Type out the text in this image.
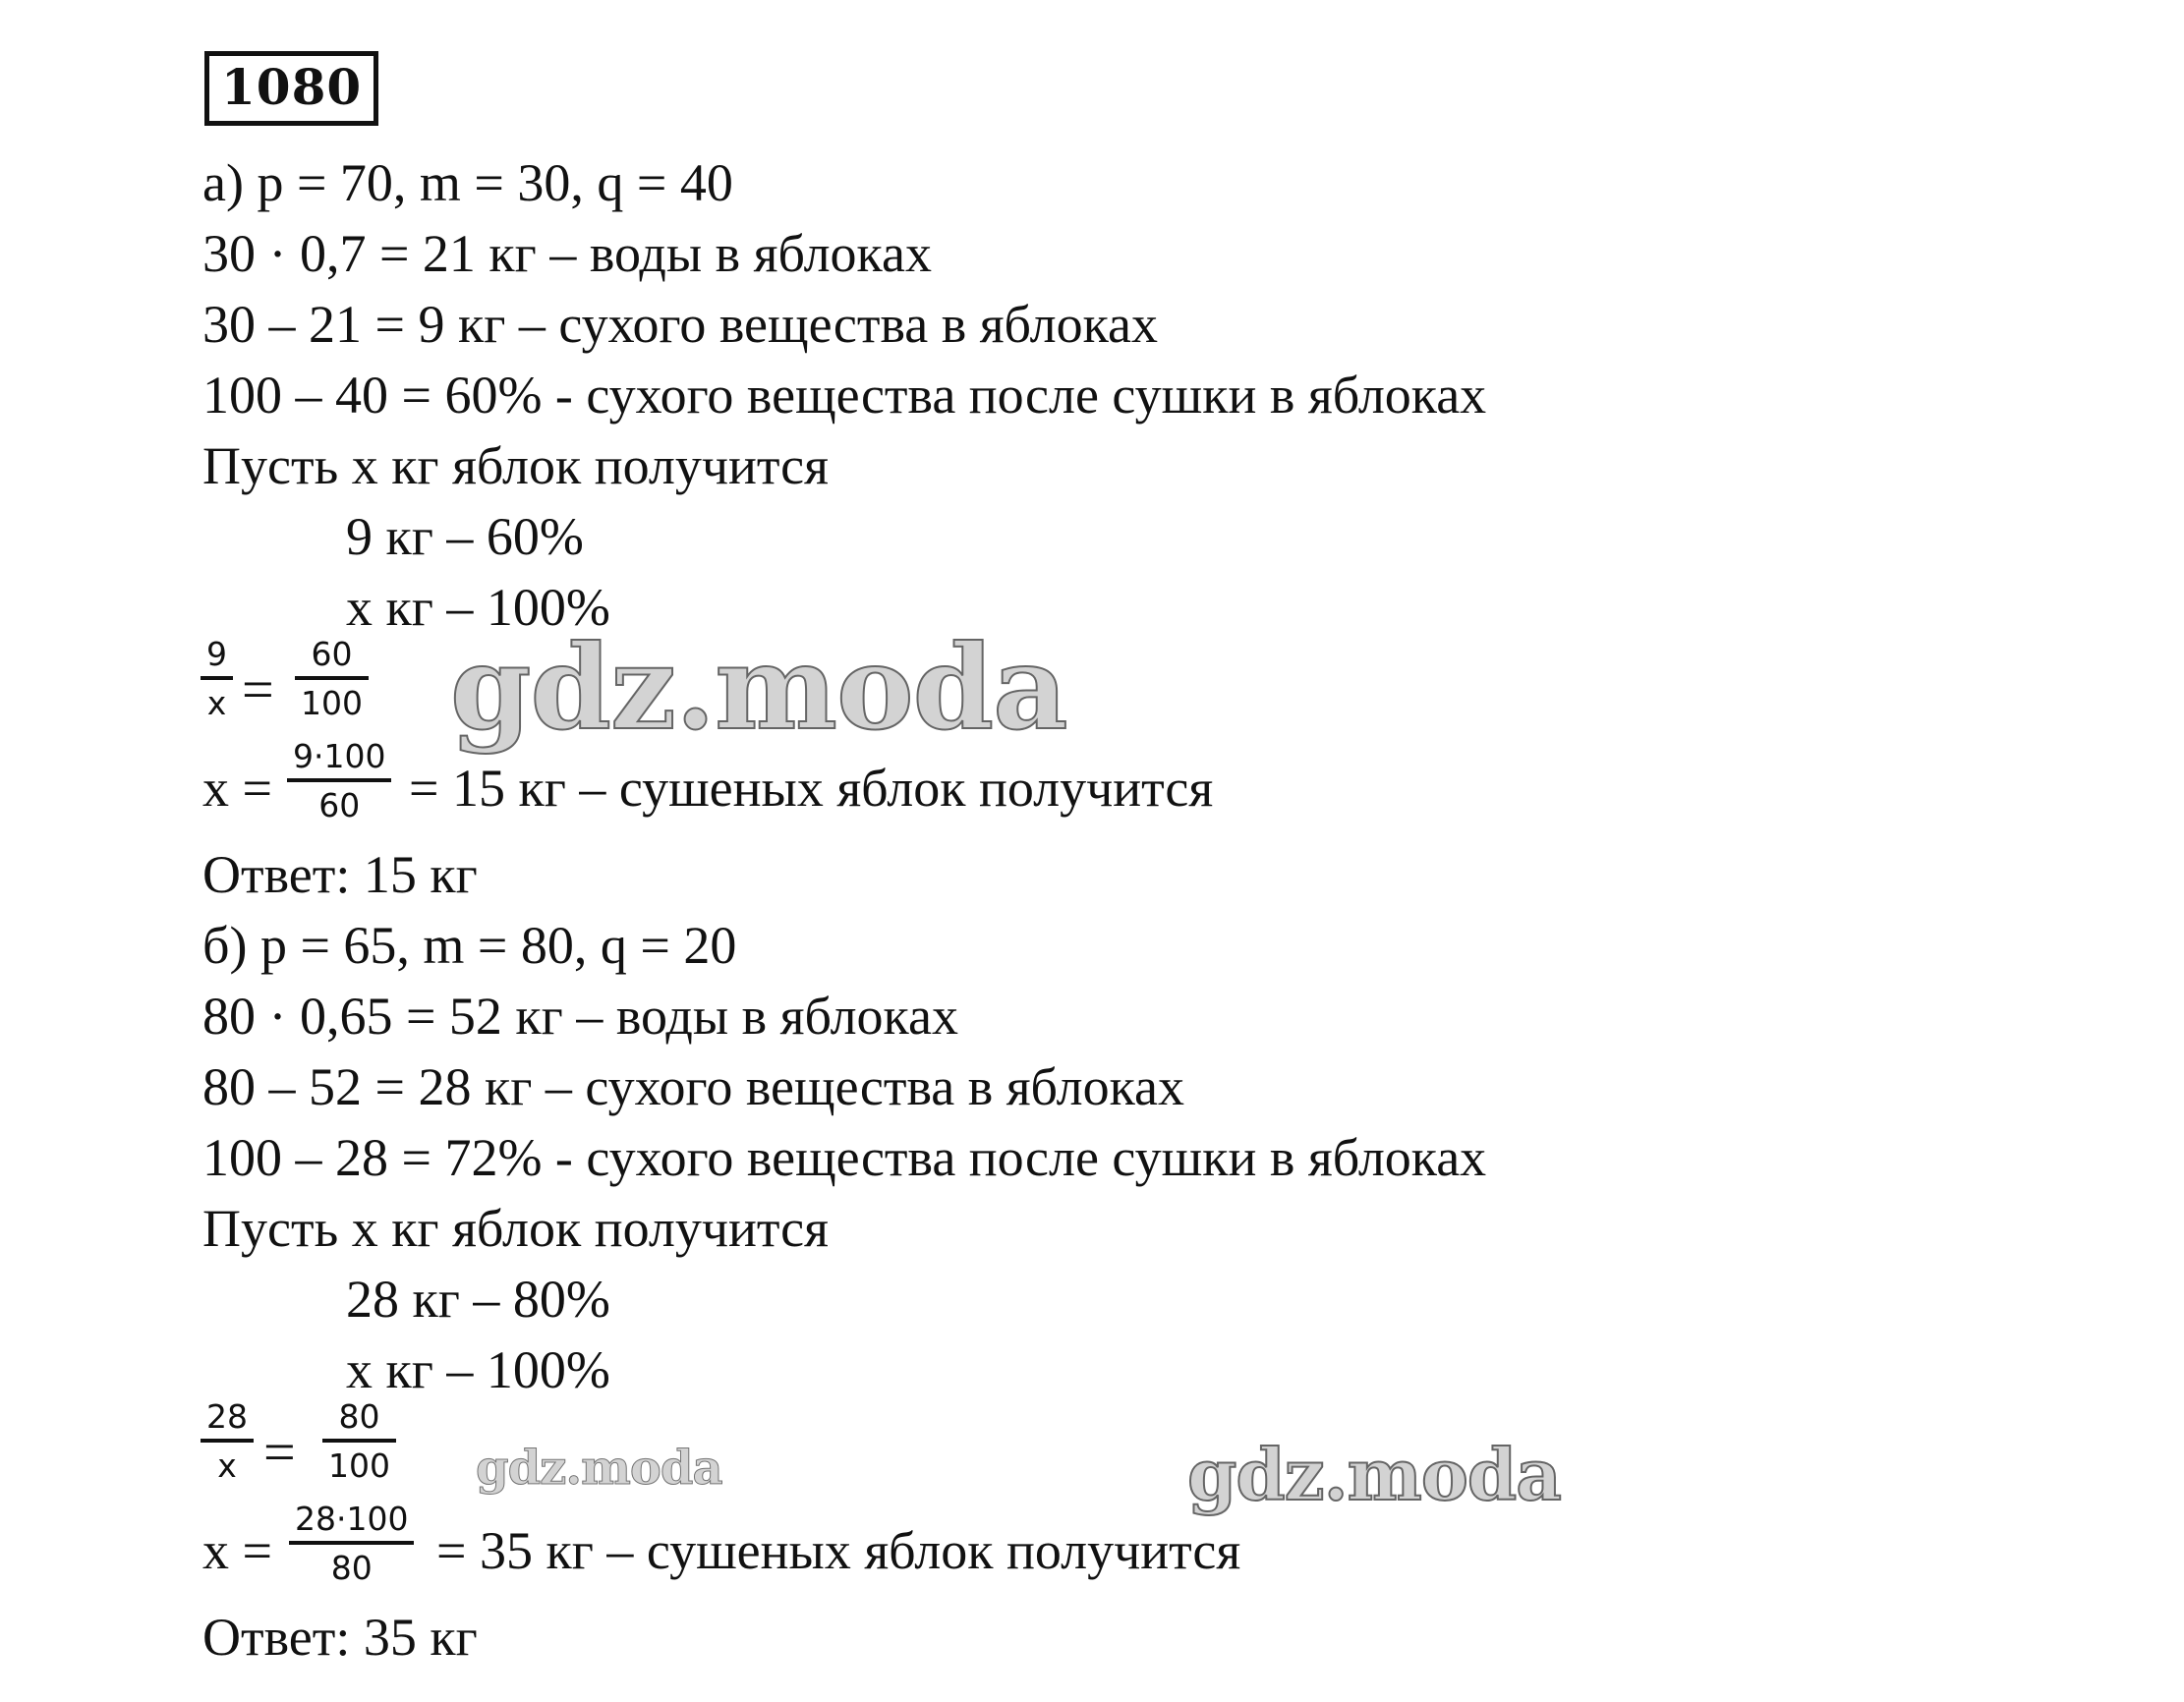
1080
а) p = 70, m = 30, q = 40
30 · 0,7 = 21 кг – воды в яблоках
30 – 21 = 9 кг – сухого вещества в яблоках
100 – 40 = 60% - сухого вещества после сушки в яблоках
Пусть х кг яблок получится
9 кг – 60%
х кг – 100%
9
x =
60
100
х =
9·100
60 = 15 кг – сушеных яблок получится
Ответ: 15 кг
б) p = 65, m = 80, q = 20
80 · 0,65 = 52 кг – воды в яблоках
80 – 52 = 28 кг – сухого вещества в яблоках
100 – 28 = 72% - сухого вещества после сушки в яблоках
Пусть х кг яблок получится
28 кг – 80%
х кг – 100%
28
x =
80
100
х =
28·100
80 = 35 кг – сушеных яблок получится
Ответ: 35 кг
gdz.moda
gdz.moda	gdz.moda
